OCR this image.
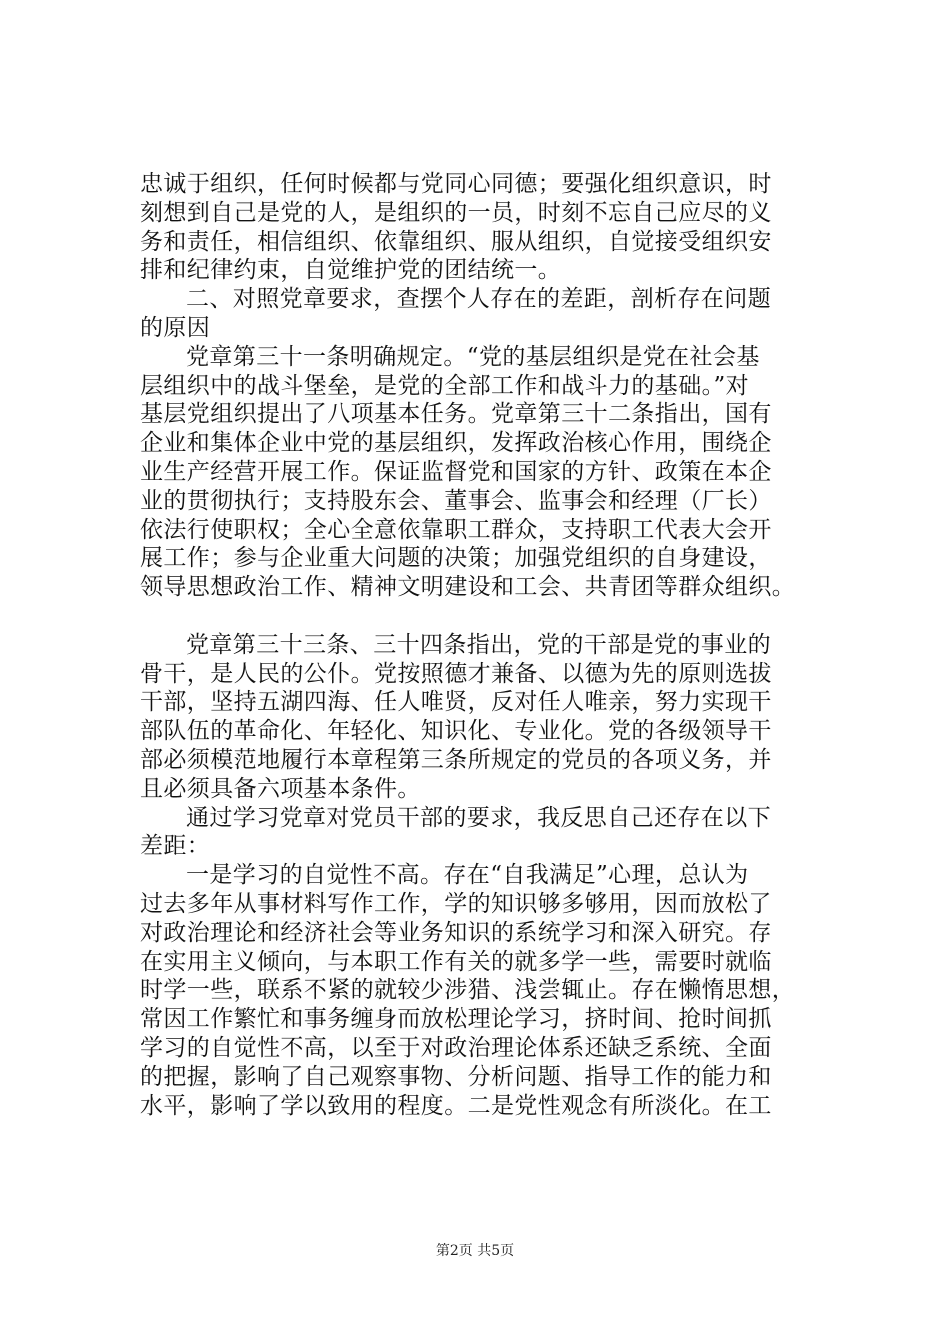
忠诚于组织，任何时候都与党同心同德；要强化组织意识，时
刻想到自己是党的人，是组织的一员，时刻不忘自己应尽的义
务和责任，相信组织、依靠组织、服从组织，自觉接受组织安
排和纪律约束，自觉维护党的团结统一。
二、对照党章要求，查摆个人存在的差距，剖析存在问题
的原因
党章第三十一条明确规定。“党的基层组织是党在社会基
层组织中的战斗堡垒，是党的全部工作和战斗力的基础。”对
基层党组织提出了八项基本任务。党章第三十二条指出，国有
企业和集体企业中党的基层组织，发挥政治核心作用，围绕企
业生产经营开展工作。保证监督党和国家的方针、政策在本企
业的贯彻执行；支持股东会、董事会、监事会和经理（厂长）
依法行使职权；全心全意依靠职工群众，支持职工代表大会开
展工作；参与企业重大问题的决策；加强党组织的自身建设，
领导思想政治工作、精神文明建设和工会、共青团等群众组织。
党章第三十三条、三十四条指出，党的干部是党的事业的
骨干，是人民的公仆。党按照德才兼备、以德为先的原则选拔
干部，坚持五湖四海、任人唯贤，反对任人唯亲，努力实现干
部队伍的革命化、年轻化、知识化、专业化。党的各级领导干
部必须模范地履行本章程第三条所规定的党员的各项义务，并
且必须具备六项基本条件。
通过学习党章对党员干部的要求，我反思自己还存在以下
差距：
一是学习的自觉性不高。存在“自我满足”心理，总认为
过去多年从事材料写作工作，学的知识够多够用，因而放松了
对政治理论和经济社会等业务知识的系统学习和深入研究。存
在实用主义倾向，与本职工作有关的就多学一些，需要时就临
时学一些，联系不紧的就较少涉猎、浅尝辄止。存在懒惰思想，
常因工作繁忙和事务缠身而放松理论学习，挤时间、抢时间抓
学习的自觉性不高，以至于对政治理论体系还缺乏系统、全面
的把握，影响了自己观察事物、分析问题、指导工作的能力和
水平，影响了学以致用的程度。二是党性观念有所淡化。在工
第2页 共5页
